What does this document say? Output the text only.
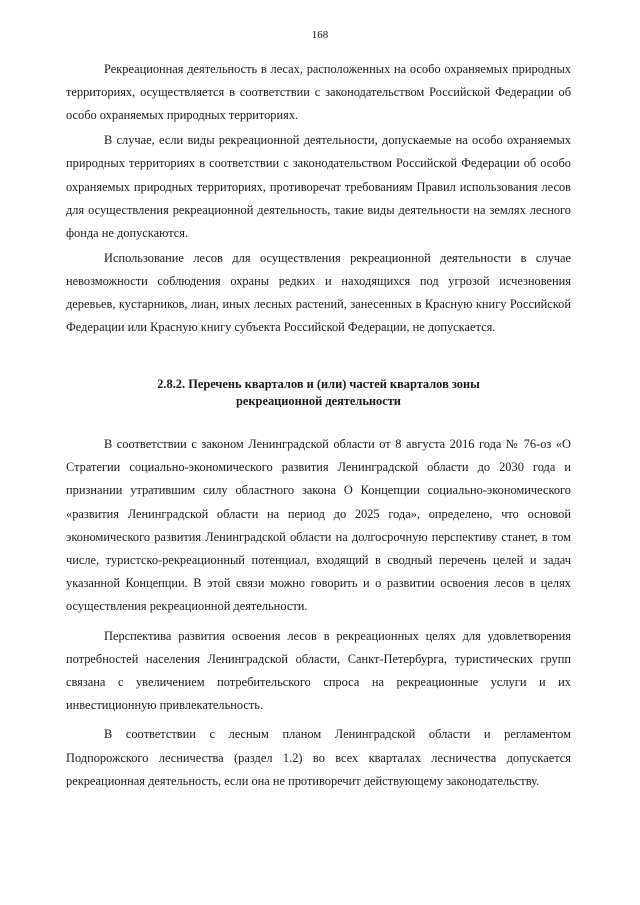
168

Рекреационная деятельность в лесах, расположенных на особо охраняемых природных территориях, осуществляется в соответствии с законодательством Российской Федерации об особо охраняемых природных территориях.

В случае, если виды рекреационной деятельности, допускаемые на особо охраняемых природных территориях в соответствии с законодательством Российской Федерации об особо охраняемых природных территориях, противоречат требованиям Правил использования лесов для осуществления рекреационной деятельность, такие виды деятельности на землях лесного фонда не допускаются.

Использование лесов для осуществления рекреационной деятельности в случае невозможности соблюдения охраны редких и находящихся под угрозой исчезновения деревьев, кустарников, лиан, иных лесных растений, занесенных в Красную книгу Российской Федерации или Красную книгу субъекта Российской Федерации, не допускается.

2.8.2. Перечень кварталов и (или) частей кварталов зоны
рекреационной деятельности

В соответствии с законом Ленинградской области от 8 августа 2016 года № 76-оз «О Стратегии социально-экономического развития Ленинградской области до 2030 года и признании утратившим силу областного закона О Концепции социально-экономического «развития Ленинградской области на период до 2025 года», определено, что основой экономического развития Ленинградской области на долгосрочную перспективу станет, в том числе, туристско-рекреационный потенциал, входящий в сводный перечень целей и задач указанной Концепции. В этой связи можно говорить и о развитии освоения лесов в целях осуществления рекреационной деятельности.

Перспектива развития освоения лесов в рекреационных целях для удовлетворения потребностей населения Ленинградской области, Санкт-Петербурга, туристических групп связана с увеличением потребительского спроса на рекреационные услуги и их инвестиционную привлекательность.

В соответствии с лесным планом Ленинградской области и регламентом Подпорожского лесничества (раздел 1.2) во всех кварталах лесничества допускается рекреационная деятельность, если она не противоречит действующему законодательству.
